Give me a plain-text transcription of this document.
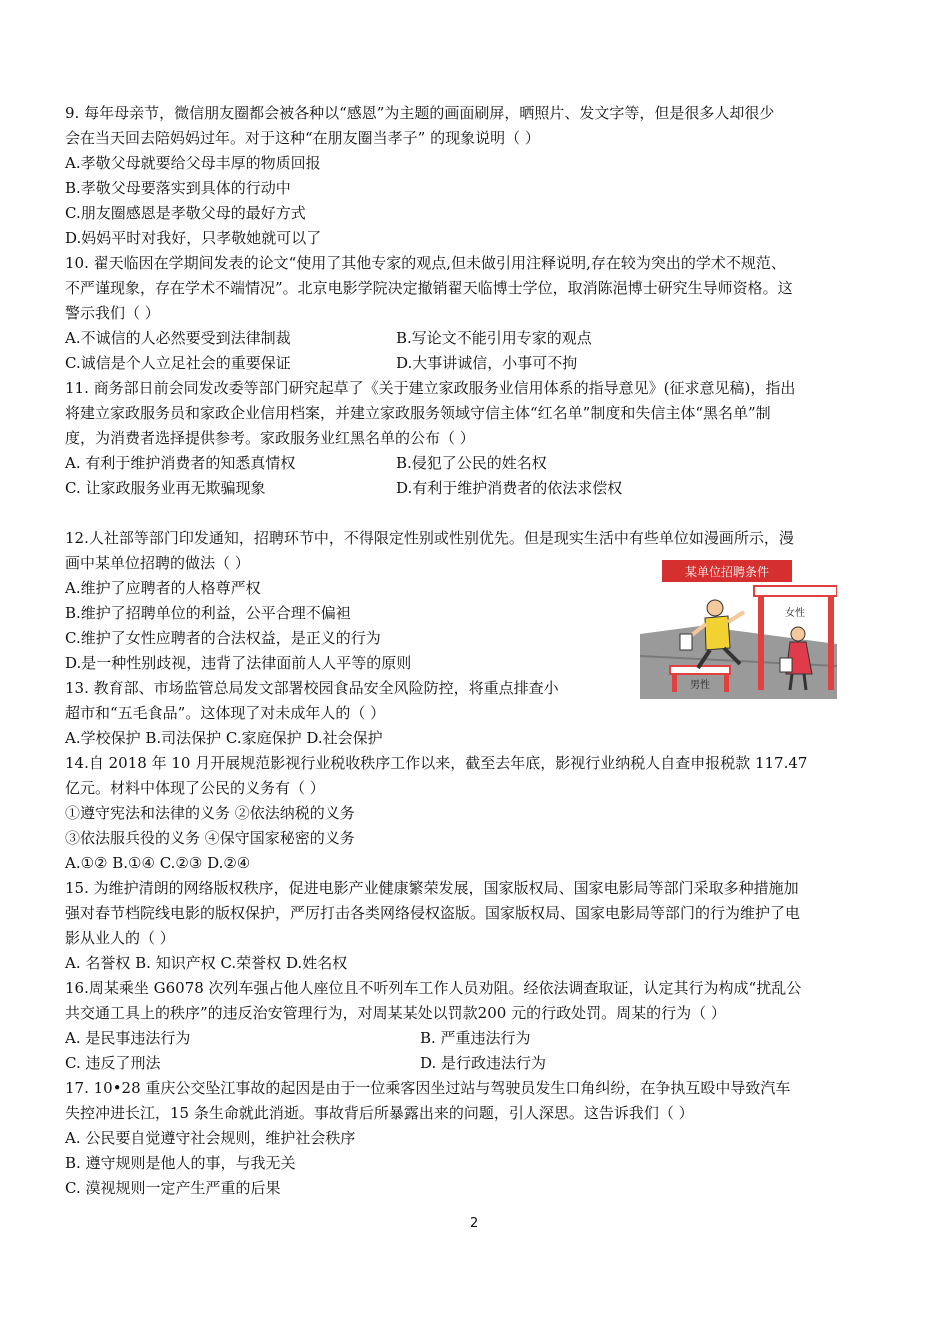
9. 每年母亲节，微信朋友圈都会被各种以“感恩”为主题的画面刷屏，晒照片、发文字等，但是很多人却很少
会在当天回去陪妈妈过年。对于这种“在朋友圈当孝子” 的现象说明（ ）
A.孝敬父母就要给父母丰厚的物质回报
B.孝敬父母要落实到具体的行动中
C.朋友圈感恩是孝敬父母的最好方式
D.妈妈平时对我好，只孝敬她就可以了
10. 翟天临因在学期间发表的论文“使用了其他专家的观点,但未做引用注释说明,存在较为突出的学术不规范、
不严谨现象，存在学术不端情况”。北京电影学院决定撤销翟天临博士学位，取消陈浥博士研究生导师资格。这
警示我们（ ）
A.不诚信的人必然要受到法律制裁	B.写论文不能引用专家的观点
C.诚信是个人立足社会的重要保证	D.大事讲诚信，小事可不拘
11. 商务部日前会同发改委等部门研究起草了《关于建立家政服务业信用体系的指导意见》(征求意见稿)，指出
将建立家政服务员和家政企业信用档案，并建立家政服务领域守信主体“红名单”制度和失信主体“黑名单”制
度，为消费者选择提供参考。家政服务业红黑名单的公布（ ）
A. 有利于维护消费者的知悉真情权	B.侵犯了公民的姓名权
C. 让家政服务业再无欺骗现象	D.有利于维护消费者的依法求偿权
12.人社部等部门印发通知，招聘环节中，不得限定性别或性别优先。但是现实生活中有些单位如漫画所示，漫
画中某单位招聘的做法（ ）
A.维护了应聘者的人格尊严权
B.维护了招聘单位的利益，公平合理不偏袒
C.维护了女性应聘者的合法权益，是正义的行为
D.是一种性别歧视，违背了法律面前人人平等的原则
某单位招聘条件
女性
男性
13. 教育部、市场监管总局发文部署校园食品安全风险防控，将重点排查小
超市和“五毛食品”。这体现了对未成年人的（ ）
A.学校保护 B.司法保护 C.家庭保护 D.社会保护
14.自 2018 年 10 月开展规范影视行业税收秩序工作以来，截至去年底，影视行业纳税人自查申报税款 117.47
亿元。材料中体现了公民的义务有（ ）
①遵守宪法和法律的义务 ②依法纳税的义务
③依法服兵役的义务 ④保守国家秘密的义务
A.①② B.①④ C.②③ D.②④
15. 为维护清朗的网络版权秩序，促进电影产业健康繁荣发展，国家版权局、国家电影局等部门采取多种措施加
强对春节档院线电影的版权保护，严厉打击各类网络侵权盗版。国家版权局、国家电影局等部门的行为维护了电
影从业人的（ ）
A. 名誉权 B. 知识产权 C.荣誉权 D.姓名权
16.周某乘坐 G6078 次列车强占他人座位且不听列车工作人员劝阻。经依法调查取证，认定其行为构成“扰乱公
共交通工具上的秩序”的违反治安管理行为，对周某某处以罚款200 元的行政处罚。周某的行为（ ）
A. 是民事违法行为	B. 严重违法行为
C. 违反了刑法	D. 是行政违法行为
17. 10•28 重庆公交坠江事故的起因是由于一位乘客因坐过站与驾驶员发生口角纠纷，在争执互殴中导致汽车
失控冲进长江，15 条生命就此消逝。事故背后所暴露出来的问题，引人深思。这告诉我们（ ）
A. 公民要自觉遵守社会规则，维护社会秩序
B. 遵守规则是他人的事，与我无关
C. 漠视规则一定产生严重的后果
2
